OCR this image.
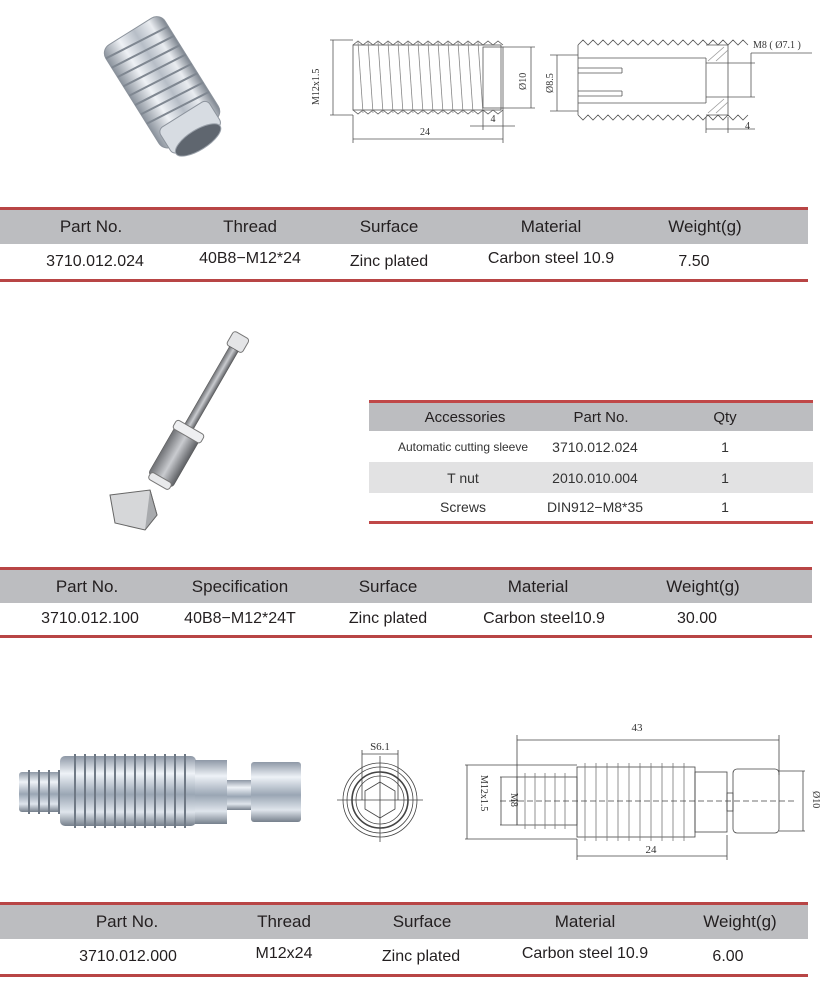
24
4
M12x1.5	Ø10
M8 ( Ø7.1 )
4
Ø8.5
Part No.	Thread	Surface	Material	Weight(g)
3710.012.024	40B8−M12*24	Zinc plated	Carbon steel 10.9	7.50
Accessories	Part No.	Qty
Automatic cutting sleeve 3710.012.024	1
T nut	2010.010.004	1
Screws	DIN912−M8*35	1
Part No.	Specification	Surface	Material	Weight(g)
3710.012.100	40B8−M12*24T	Zinc plated	Carbon steel10.9	30.00
S6.1
43
24
M12x1.5 M8	Ø10
Part No.	Thread	Surface	Material	Weight(g)
3710.012.000	M12x24	Zinc plated	Carbon steel 10.9	6.00
